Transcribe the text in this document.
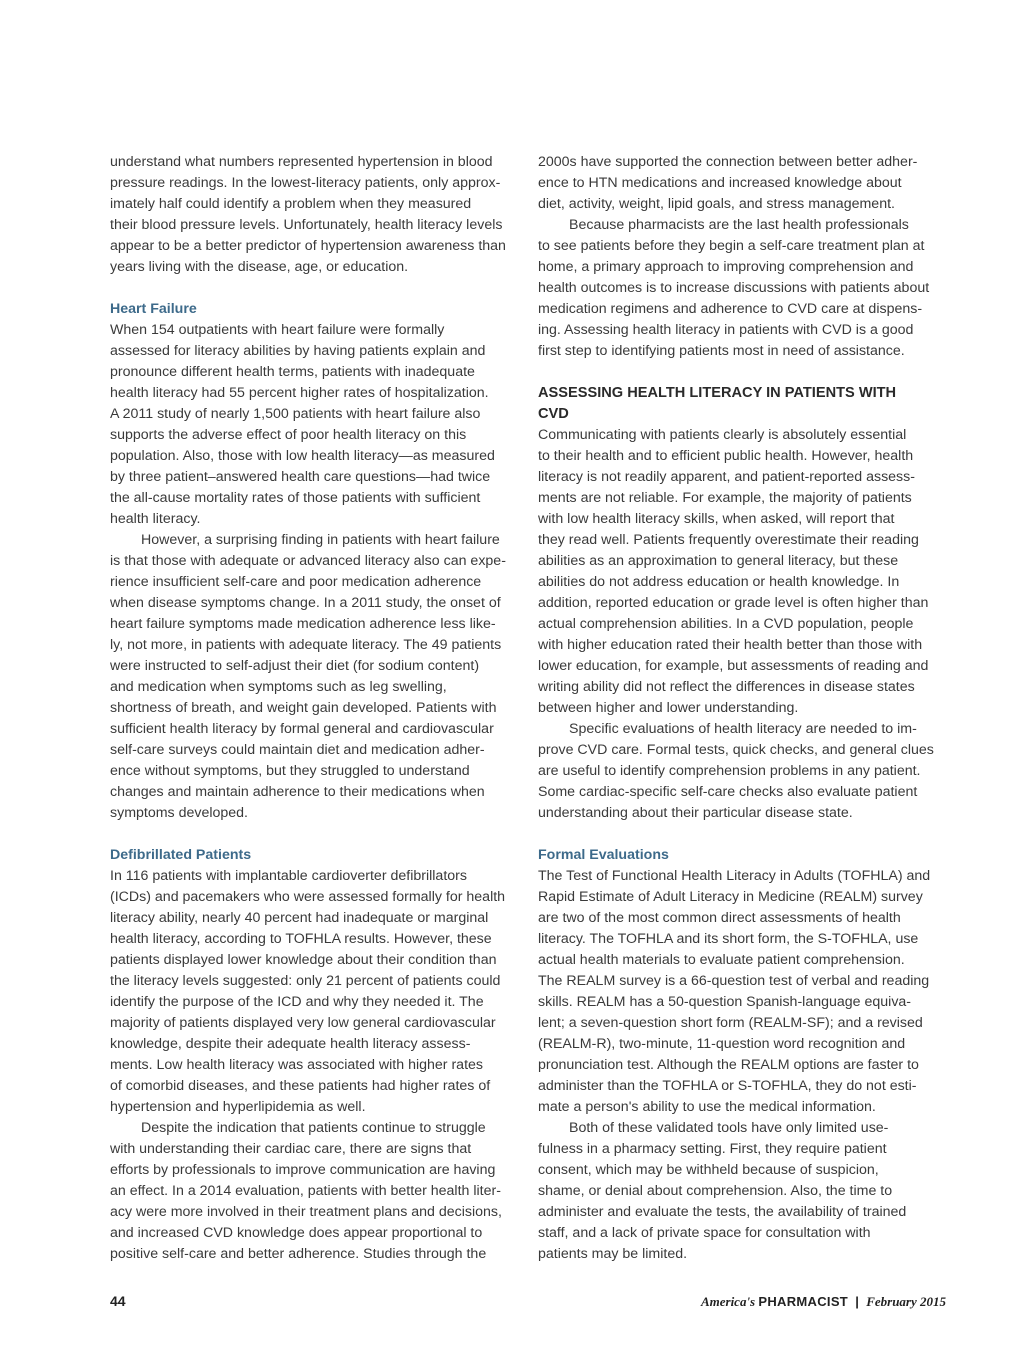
understand what numbers represented hypertension in blood
pressure readings. In the lowest-literacy patients, only approx-
imately half could identify a problem when they measured
their blood pressure levels. Unfortunately, health literacy levels
appear to be a better predictor of hypertension awareness than
years living with the disease, age, or education.
Heart Failure
When 154 outpatients with heart failure were formally
assessed for literacy abilities by having patients explain and
pronounce different health terms, patients with inadequate
health literacy had 55 percent higher rates of hospitalization.
A 2011 study of nearly 1,500 patients with heart failure also
supports the adverse effect of poor health literacy on this
population. Also, those with low health literacy—as measured
by three patient–answered health care questions—had twice
the all-cause mortality rates of those patients with sufficient
health literacy.
However, a surprising finding in patients with heart failure
is that those with adequate or advanced literacy also can expe-
rience insufficient self-care and poor medication adherence
when disease symptoms change. In a 2011 study, the onset of
heart failure symptoms made medication adherence less like-
ly, not more, in patients with adequate literacy. The 49 patients
were instructed to self-adjust their diet (for sodium content)
and medication when symptoms such as leg swelling,
shortness of breath, and weight gain developed. Patients with
sufficient health literacy by formal general and cardiovascular
self-care surveys could maintain diet and medication adher-
ence without symptoms, but they struggled to understand
changes and maintain adherence to their medications when
symptoms developed.
Defibrillated Patients
In 116 patients with implantable cardioverter defibrillators
(ICDs) and pacemakers who were assessed formally for health
literacy ability, nearly 40 percent had inadequate or marginal
health literacy, according to TOFHLA results. However, these
patients displayed lower knowledge about their condition than
the literacy levels suggested: only 21 percent of patients could
identify the purpose of the ICD and why they needed it. The
majority of patients displayed very low general cardiovascular
knowledge, despite their adequate health literacy assess-
ments. Low health literacy was associated with higher rates
of comorbid diseases, and these patients had higher rates of
hypertension and hyperlipidemia as well.
Despite the indication that patients continue to struggle
with understanding their cardiac care, there are signs that
efforts by professionals to improve communication are having
an effect. In a 2014 evaluation, patients with better health liter-
acy were more involved in their treatment plans and decisions,
and increased CVD knowledge does appear proportional to
positive self-care and better adherence. Studies through the
2000s have supported the connection between better adher-
ence to HTN medications and increased knowledge about
diet, activity, weight, lipid goals, and stress management.
Because pharmacists are the last health professionals
to see patients before they begin a self-care treatment plan at
home, a primary approach to improving comprehension and
health outcomes is to increase discussions with patients about
medication regimens and adherence to CVD care at dispens-
ing. Assessing health literacy in patients with CVD is a good
first step to identifying patients most in need of assistance.
ASSESSING HEALTH LITERACY IN PATIENTS WITH
CVD
Communicating with patients clearly is absolutely essential
to their health and to efficient public health. However, health
literacy is not readily apparent, and patient-reported assess-
ments are not reliable. For example, the majority of patients
with low health literacy skills, when asked, will report that
they read well. Patients frequently overestimate their reading
abilities as an approximation to general literacy, but these
abilities do not address education or health knowledge. In
addition, reported education or grade level is often higher than
actual comprehension abilities. In a CVD population, people
with higher education rated their health better than those with
lower education, for example, but assessments of reading and
writing ability did not reflect the differences in disease states
between higher and lower understanding.
Specific evaluations of health literacy are needed to im-
prove CVD care. Formal tests, quick checks, and general clues
are useful to identify comprehension problems in any patient.
Some cardiac-specific self-care checks also evaluate patient
understanding about their particular disease state.
Formal Evaluations
The Test of Functional Health Literacy in Adults (TOFHLA) and
Rapid Estimate of Adult Literacy in Medicine (REALM) survey
are two of the most common direct assessments of health
literacy. The TOFHLA and its short form, the S-TOFHLA, use
actual health materials to evaluate patient comprehension.
The REALM survey is a 66-question test of verbal and reading
skills. REALM has a 50-question Spanish-language equiva-
lent; a seven-question short form (REALM-SF); and a revised
(REALM-R), two-minute, 11-question word recognition and
pronunciation test. Although the REALM options are faster to
administer than the TOFHLA or S-TOFHLA, they do not esti-
mate a person's ability to use the medical information.
Both of these validated tools have only limited use-
fulness in a pharmacy setting. First, they require patient
consent, which may be withheld because of suspicion,
shame, or denial about comprehension. Also, the time to
administer and evaluate the tests, the availability of trained
staff, and a lack of private space for consultation with
patients may be limited.
44	America's PHARMACIST | February 2015
